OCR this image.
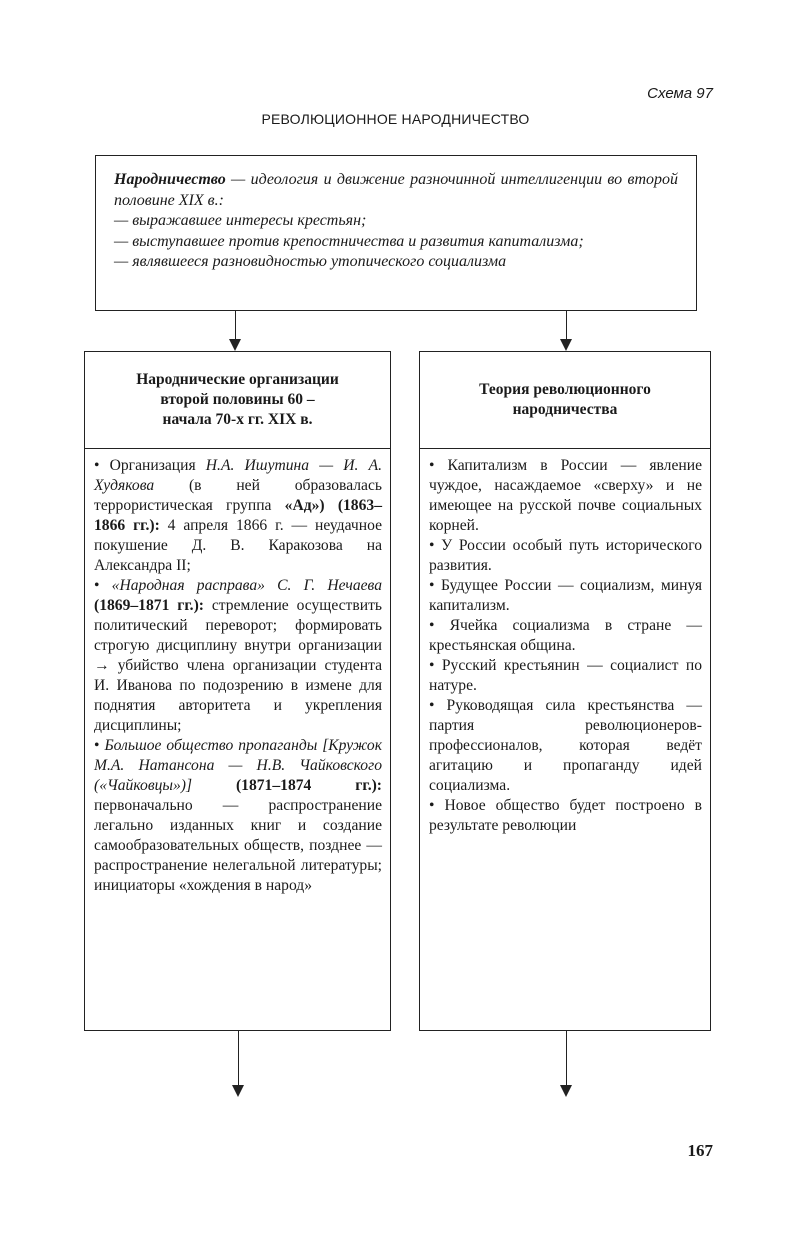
Схема 97
РЕВОЛЮЦИОННОЕ НАРОДНИЧЕСТВО

Народничество — идеология и движение разночинной интеллигенции во второй половине XIX в.:

— выражавшее интересы крестьян;

— выступавшее против крепостничества и развития капитализма;

— являвшееся разновидностью утопического социализма

Народнические организации
второй половины 60 –
начала 70-х гг. XIX в.

• Организация Н.А. Ишутина — И. А. Худякова (в ней образовалась террористическая группа «Ад») (1863–1866 гг.): 4 апреля 1866 г. — неудачное покушение Д. В. Каракозова на Александра II;

• «Народная расправа» С. Г. Нечаева (1869–1871 гг.): стремление осуществить политический переворот; формировать строгую дисциплину внутри организации → убийство члена организации студента И. Иванова по подозрению в измене для поднятия авторитета и укрепления дисциплины;

• Большое общество пропаганды [Кружок М.А. Натансона — Н.В. Чайковского («Чайковцы»)] (1871–1874 гг.): первоначально — распространение легально изданных книг и создание самообразовательных обществ, позднее — распространение нелегальной литературы; инициаторы «хождения в народ»

Теория революционного
народничества

• Капитализм в России — явление чуждое, насаждаемое «сверху» и не имеющее на русской почве социальных корней.

• У России особый путь исторического развития.

• Будущее России — социализм, минуя капитализм.

• Ячейка социализма в стране — крестьянская община.

• Русский крестьянин — социалист по натуре.

• Руководящая сила крестьянства — партия революционеров-профессионалов, которая ведёт агитацию и пропаганду идей социализма.

• Новое общество будет построено в результате революции

167
